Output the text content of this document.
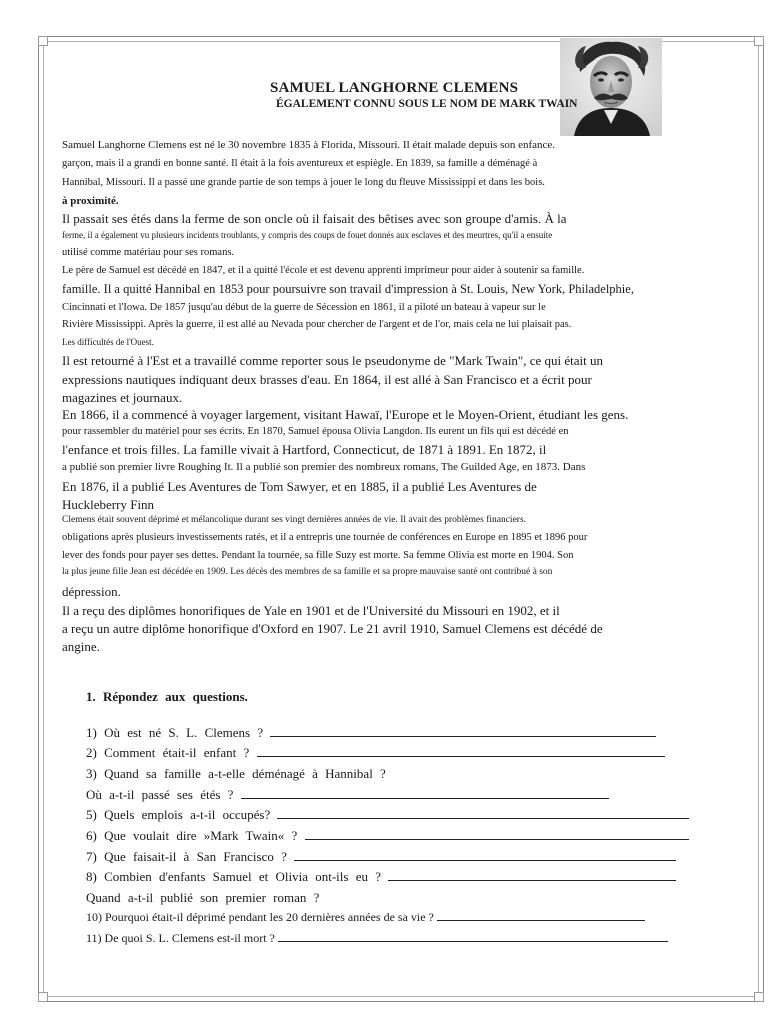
SAMUEL LANGHORNE CLEMENS
ÉGALEMENT CONNU SOUS LE NOM DE MARK TWAIN
Samuel Langhorne Clemens est né le 30 novembre 1835 à Florida, Missouri. Il était malade depuis son enfance.
garçon, mais il a grandi en bonne santé. Il était à la fois aventureux et espiègle. En 1839, sa famille a déménagé à
Hannibal, Missouri. Il a passé une grande partie de son temps à jouer le long du fleuve Mississippi et dans les bois.
à proximité.
Il passait ses étés dans la ferme de son oncle où il faisait des bêtises avec son groupe d'amis. À la
ferme, il a également vu plusieurs incidents troublants, y compris des coups de fouet donnés aux esclaves et des meurtres, qu'il a ensuite
utilisé comme matériau pour ses romans.
Le père de Samuel est décédé en 1847, et il a quitté l'école et est devenu apprenti imprimeur pour aider à soutenir sa famille.
famille. Il a quitté Hannibal en 1853 pour poursuivre son travail d'impression à St. Louis, New York, Philadelphie,
Cincinnati et l'Iowa. De 1857 jusqu'au début de la guerre de Sécession en 1861, il a piloté un bateau à vapeur sur le
Rivière Mississippi. Après la guerre, il est allé au Nevada pour chercher de l'argent et de l'or, mais cela ne lui plaisait pas.
Les difficultés de l'Ouest.
Il est retourné à l'Est et a travaillé comme reporter sous le pseudonyme de "Mark Twain", ce qui était un
expressions nautiques indiquant deux brasses d'eau. En 1864, il est allé à San Francisco et a écrit pour
magazines et journaux.
En 1866, il a commencé à voyager largement, visitant Hawaï, l'Europe et le Moyen-Orient, étudiant les gens.
pour rassembler du matériel pour ses écrits. En 1870, Samuel épousa Olivia Langdon. Ils eurent un fils qui est décédé en
l'enfance et trois filles. La famille vivait à Hartford, Connecticut, de 1871 à 1891. En 1872, il
a publié son premier livre Roughing It. Il a publié son premier des nombreux romans, The Guilded Age, en 1873. Dans
En 1876, il a publié Les Aventures de Tom Sawyer, et en 1885, il a publié Les Aventures de
Huckleberry Finn
Clemens était souvent déprimé et mélancolique durant ses vingt dernières années de vie. Il avait des problèmes financiers.
obligations après plusieurs investissements ratés, et il a entrepris une tournée de conférences en Europe en 1895 et 1896 pour
lever des fonds pour payer ses dettes. Pendant la tournée, sa fille Suzy est morte. Sa femme Olivia est morte en 1904. Son
la plus jeune fille Jean est décédée en 1909. Les décès des membres de sa famille et sa propre mauvaise santé ont contribué à son
dépression.
Il a reçu des diplômes honorifiques de Yale en 1901 et de l'Université du Missouri en 1902, et il
a reçu un autre diplôme honorifique d'Oxford en 1907. Le 21 avril 1910, Samuel Clemens est décédé de
angine.
1. Répondez aux questions.
1) Où est né S. L. Clemens ?
2) Comment était-il enfant ?
3) Quand sa famille a-t-elle déménagé à Hannibal ?
Où a-t-il passé ses étés ?
5) Quels emplois a-t-il occupés?
6) Que voulait dire »Mark Twain« ?
7) Que faisait-il à San Francisco ?
8) Combien d'enfants Samuel et Olivia ont-ils eu ?
Quand a-t-il publié son premier roman ?
10) Pourquoi était-il déprimé pendant les 20 dernières années de sa vie ?
11) De quoi S. L. Clemens est-il mort ?
